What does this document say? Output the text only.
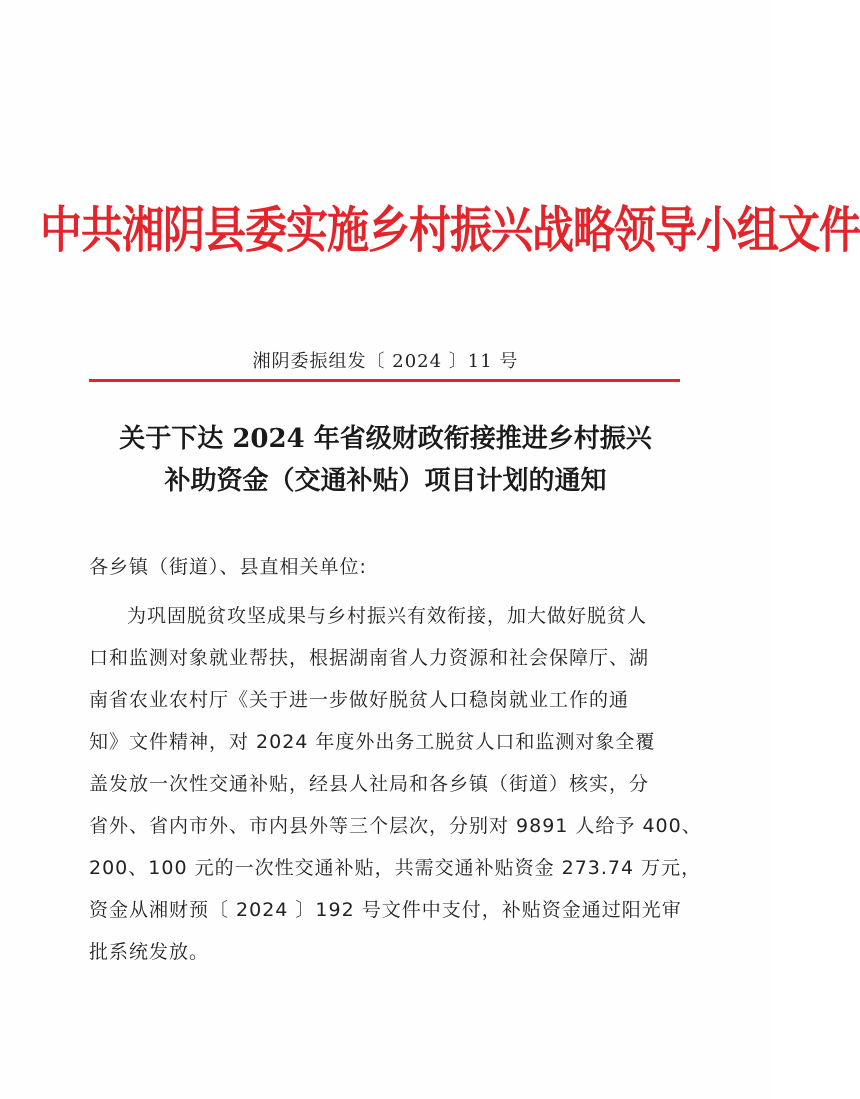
中共湘阴县委实施乡村振兴战略领导小组文件
湘阴委振组发〔 2024 〕11 号
关于下达 2024 年省级财政衔接推进乡村振兴
补助资金（交通补贴）项目计划的通知
各乡镇（街道）、县直相关单位:
为巩固脱贫攻坚成果与乡村振兴有效衔接，加大做好脱贫人
口和监测对象就业帮扶，根据湖南省人力资源和社会保障厅、湖
南省农业农村厅《关于进一步做好脱贫人口稳岗就业工作的通
知》文件精神，对 2024 年度外出务工脱贫人口和监测对象全覆
盖发放一次性交通补贴，经县人社局和各乡镇（街道）核实，分
省外、省内市外、市内县外等三个层次，分别对 9891 人给予 400、
200、100 元的一次性交通补贴，共需交通补贴资金 273.74 万元，
资金从湘财预〔 2024 〕192 号文件中支付，补贴资金通过阳光审
批系统发放。
